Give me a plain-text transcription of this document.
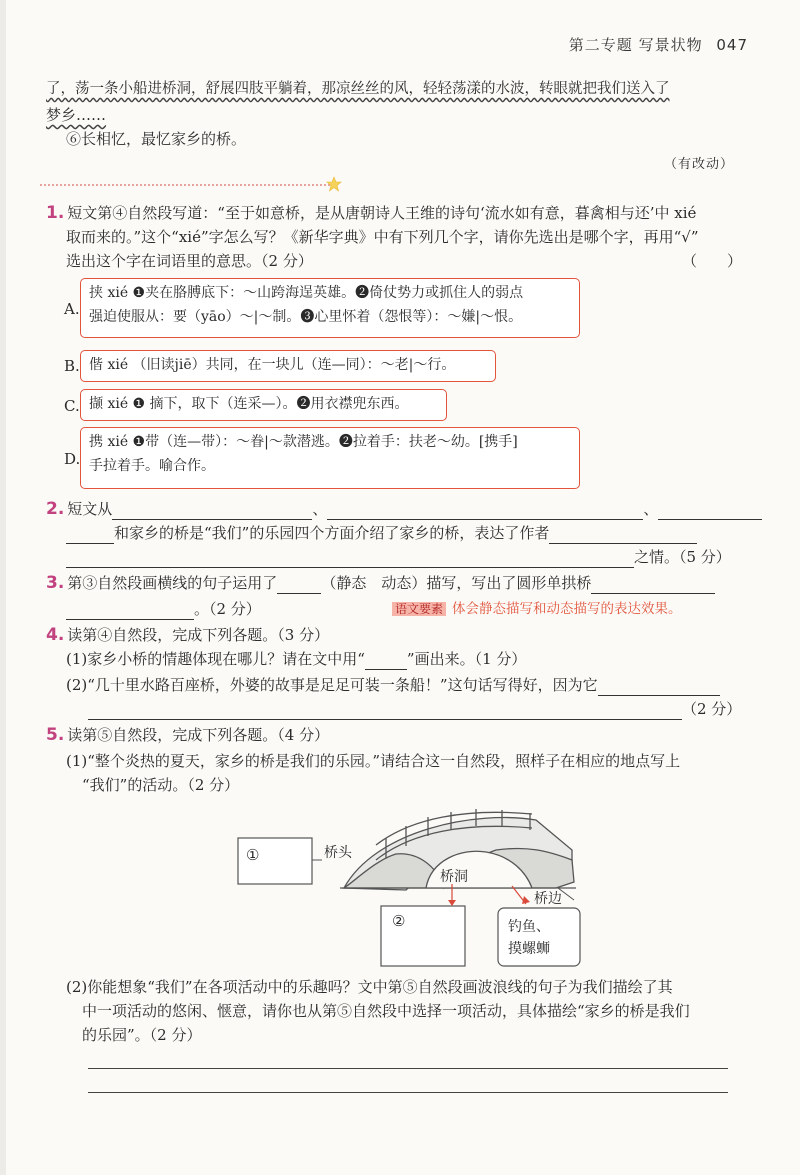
第二专题 写景状物 047
了，荡一条小船进桥洞，舒展四肢平躺着，那凉丝丝的风，轻轻荡漾的水波，转眼就把我们送入了
梦乡……
⑥长相忆，最忆家乡的桥。
（有改动）
1. 短文第④自然段写道：“至于如意桥，是从唐朝诗人王维的诗句‘流水如有意，暮禽相与还’中 xié
取而来的。”这个“xié”字怎么写？《新华字典》中有下列几个字，请你先选出是哪个字，再用“√”
选出这个字在词语里的意思。（2 分）	（　　）
A.
挟 xié ❶夹在胳膊底下：～山跨海逞英雄。❷倚仗势力或抓住人的弱点
强迫使服从：要（yāo）～|～制。❸心里怀着（怨恨等）：～嫌|～恨。
B. 偕 xié （旧读jiē）共同，在一块儿（连—同）：～老|～行。
C. 撷 xié ❶ 摘下，取下（连采—）。❷用衣襟兜东西。
D.
携 xié ❶带（连—带）：～眷|～款潜逃。❷拉着手：扶老～幼。[携手]
手拉着手。喻合作。
2. 短文从	、	、
和家乡的桥是“我们”的乐园四个方面介绍了家乡的桥，表达了作者
之情。（5 分）
3. 第③自然段画横线的句子运用了	（静态　动态）描写，写出了圆形单拱桥
。（2 分）	语文要素 体会静态描写和动态描写的表达效果。
4. 读第④自然段，完成下列各题。（3 分）
(1)家乡小桥的情趣体现在哪儿？请在文中用“	”画出来。（1 分）
(2)“几十里水路百座桥，外婆的故事是足足可装一条船！”这句话写得好，因为它
（2 分）
5. 读第⑤自然段，完成下列各题。（4 分）
(1)“整个炎热的夏天，家乡的桥是我们的乐园。”请结合这一自然段，照样子在相应的地点写上
“我们”的活动。（2 分）
①	桥头
桥洞
②
桥边
钓鱼、
摸螺蛳
(2)你能想象“我们”在各项活动中的乐趣吗？文中第⑤自然段画波浪线的句子为我们描绘了其
中一项活动的悠闲、惬意，请你也从第⑤自然段中选择一项活动，具体描绘“家乡的桥是我们
的乐园”。（2 分）
